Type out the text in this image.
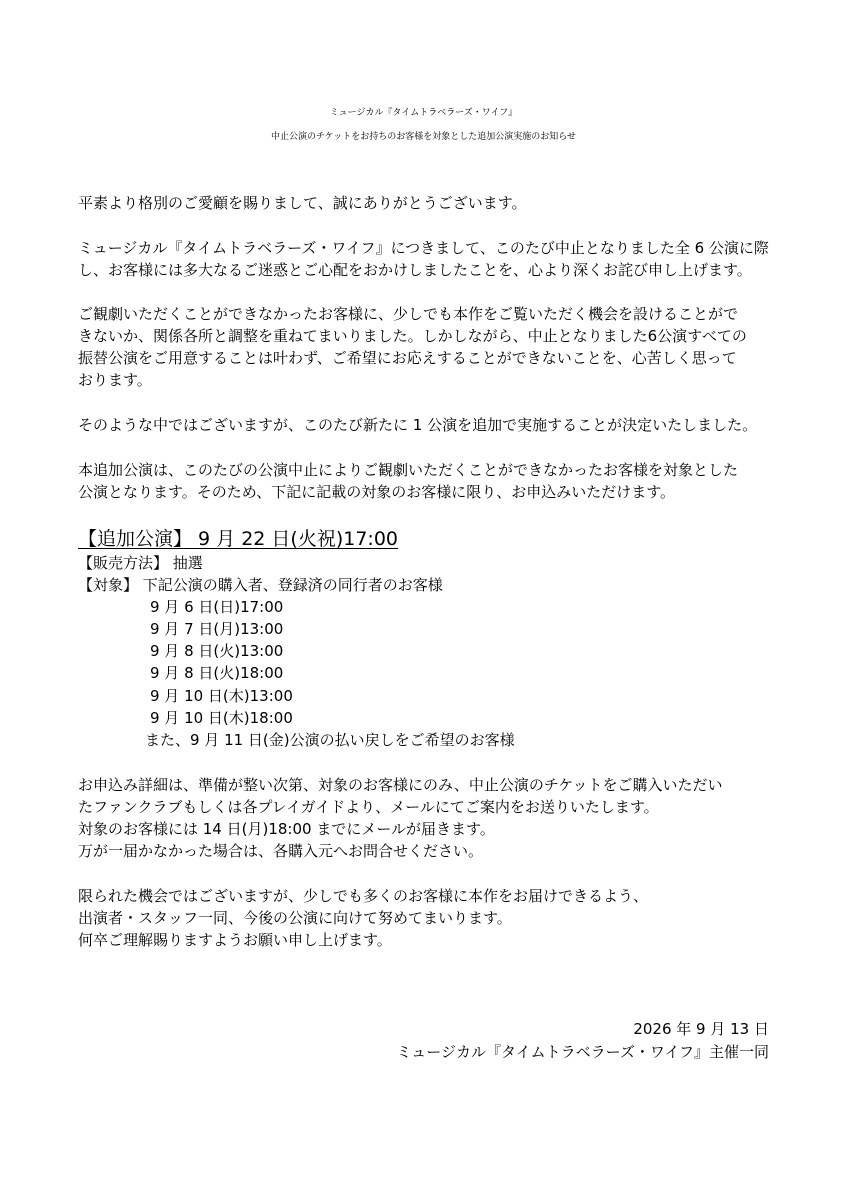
ミュージカル『タイムトラベラーズ・ワイフ』
中止公演のチケットをお持ちのお客様を対象とした追加公演実施のお知らせ
平素より格別のご愛顧を賜りまして、誠にありがとうございます。
ミュージカル『タイムトラベラーズ・ワイフ』につきまして、このたび中止となりました全 6 公演に際
し、お客様には多大なるご迷惑とご心配をおかけしましたことを、心より深くお詫び申し上げます。
ご観劇いただくことができなかったお客様に、少しでも本作をご覧いただく機会を設けることがで
きないか、関係各所と調整を重ねてまいりました。しかしながら、中止となりました6公演すべての
振替公演をご用意することは叶わず、ご希望にお応えすることができないことを、心苦しく思って
おります。
そのような中ではございますが、このたび新たに 1 公演を追加で実施することが決定いたしました。
本追加公演は、このたびの公演中止によりご観劇いただくことができなかったお客様を対象とした
公演となります。そのため、下記に記載の対象のお客様に限り、お申込みいただけます。
【追加公演】 9 月 22 日(火祝)17:00
【販売方法】 抽選
【対象】 下記公演の購入者、登録済の同行者のお客様
9 月 6 日(日)17:00
9 月 7 日(月)13:00
9 月 8 日(火)13:00
9 月 8 日(火)18:00
9 月 10 日(木)13:00
9 月 10 日(木)18:00
また、9 月 11 日(金)公演の払い戻しをご希望のお客様
お申込み詳細は、準備が整い次第、対象のお客様にのみ、中止公演のチケットをご購入いただい
たファンクラブもしくは各プレイガイドより、メールにてご案内をお送りいたします。
対象のお客様には 14 日(月)18:00 までにメールが届きます。
万が一届かなかった場合は、各購入元へお問合せください。
限られた機会ではございますが、少しでも多くのお客様に本作をお届けできるよう、
出演者・スタッフ一同、今後の公演に向けて努めてまいります。
何卒ご理解賜りますようお願い申し上げます。
2026 年 9 月 13 日
ミュージカル『タイムトラベラーズ・ワイフ』主催一同
